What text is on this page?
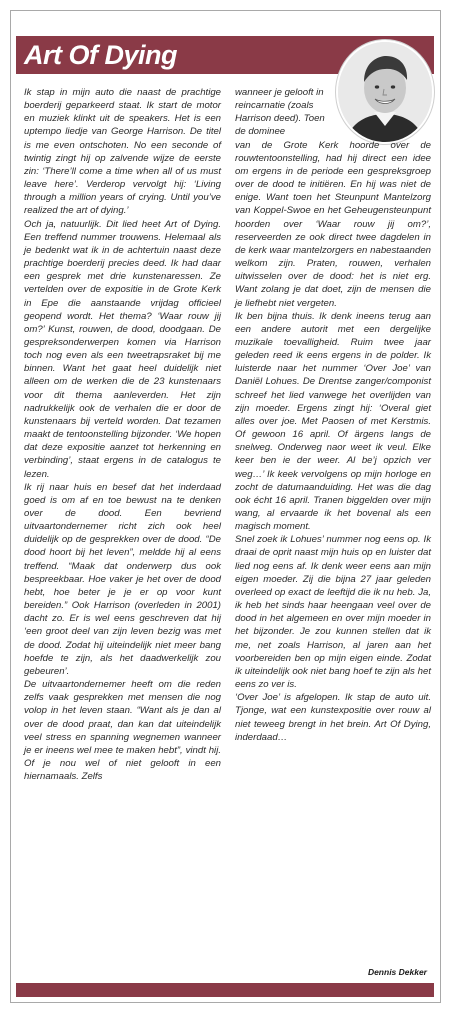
Art Of Dying

Ik stap in mijn auto die naast de prachtige boerderij geparkeerd staat. Ik start de motor en muziek klinkt uit de speakers. Het is een uptempo liedje van George Harrison. De titel is me even ontschoten. No een seconde of twintig zingt hij op zalvende wijze de eerste zin: ‘There’ll come a time when all of us must leave here’. Verderop vervolgt hij: ‘Living through a million years of crying. Until you’ve realized the art of dying.’

Och ja, natuurlijk. Dit lied heet Art of Dying. Een treffend nummer trouwens. Helemaal als je bedenkt wat ik in de achtertuin naast deze prachtige boerderij precies deed. Ik had daar een gesprek met drie kunstenaressen. Ze vertelden over de expositie in de Grote Kerk in Epe die aanstaande vrijdag officieel geopend wordt. Het thema? ‘Waar rouw jij om?’ Kunst, rouwen, de dood, doodgaan. De gespreksonderwerpen komen via Harrison toch nog even als een tweetrapsraket bij me binnen. Want het gaat heel duidelijk niet alleen om de werken die de 23 kunstenaars voor dit thema aanleverden. Het zijn nadrukkelijk ook de verhalen die er door de kunstenaars bij verteld worden. Dat tezamen maakt de tentoonstelling bijzonder. ‘We hopen dat deze expositie aanzet tot herkenning en verbinding’, staat ergens in de catalogus te lezen.

Ik rij naar huis en besef dat het inderdaad goed is om af en toe bewust na te denken over de dood. Een bevriend uitvaartondernemer richt zich ook heel duidelijk op de gesprekken over de dood. “De dood hoort bij het leven”, meldde hij al eens treffend. “Maak dat onderwerp dus ook bespreekbaar. Hoe vaker je het over de dood hebt, hoe beter je je er op voor kunt bereiden.” Ook Harrison (overleden in 2001) dacht zo. Er is wel eens geschreven dat hij ‘een groot deel van zijn leven bezig was met de dood. Zodat hij uiteindelijk niet meer bang hoefde te zijn, als het daadwerkelijk zou gebeuren’.

De uitvaartondernemer heeft om die reden zelfs vaak gesprekken met mensen die nog volop in het leven staan. “Want als je dan al over de dood praat, dan kan dat uiteindelijk veel stress en spanning wegnemen wanneer je er ineens wel mee te maken hebt”, vindt hij. Of je nou wel of niet gelooft in een hiernamaals. Zelfs

wanneer je gelooft in reincarnatie (zoals Harrison deed). Toen de dominee

van de Grote Kerk hoorde over de rouwtentoonstelling, had hij direct een idee om ergens in de periode een gespreksgroep over de dood te initiëren. En hij was niet de enige. Want toen het Steunpunt Mantelzorg van Koppel-Swoe en het Geheugensteunpunt hoorden over ‘Waar rouw jij om?’, reserveerden ze ook direct twee dagdelen in de kerk waar mantelzorgers en nabestaanden welkom zijn. Praten, rouwen, verhalen uitwisselen over de dood: het is niet erg. Want zolang je dat doet, zijn de mensen die je liefhebt niet vergeten.

Ik ben bijna thuis. Ik denk ineens terug aan een andere autorit met een dergelijke muzikale toevalligheid. Ruim twee jaar geleden reed ik eens ergens in de polder. Ik luisterde naar het nummer ‘Over Joe’ van Daniël Lohues. De Drentse zanger/componist schreef het lied vanwege het overlijden van zijn moeder. Ergens zingt hij: ‘Overal giet alles over joe. Met Paosen of met Kerstmis. Of gewoon 16 april. Of ärgens langs de snelweg. Onderweg naor weet ik veul. Elke keer ben ie der weer. Al be’j opzich ver weg…’ Ik keek vervolgens op mijn horloge en zocht de datumaanduiding. Het was die dag ook écht 16 april. Tranen biggelden over mijn wang, al ervaarde ik het bovenal als een magisch moment.

Snel zoek ik Lohues’ nummer nog eens op. Ik draai de oprit naast mijn huis op en luister dat lied nog eens af. Ik denk weer eens aan mijn eigen moeder. Zij die bijna 27 jaar geleden overleed op exact de leeftijd die ik nu heb. Ja, ik heb het sinds haar heengaan veel over de dood in het algemeen en over mijn moeder in het bijzonder. Je zou kunnen stellen dat ik me, net zoals Harrison, al jaren aan het voorbereiden ben op mijn eigen einde. Zodat ik uiteindelijk ook niet bang hoef te zijn als het eens zo ver is.

‘Over Joe’ is afgelopen. Ik stap de auto uit. Tjonge, wat een kunstexpositie over rouw al niet teweeg brengt in het brein. Art Of Dying, inderdaad…

Dennis Dekker
